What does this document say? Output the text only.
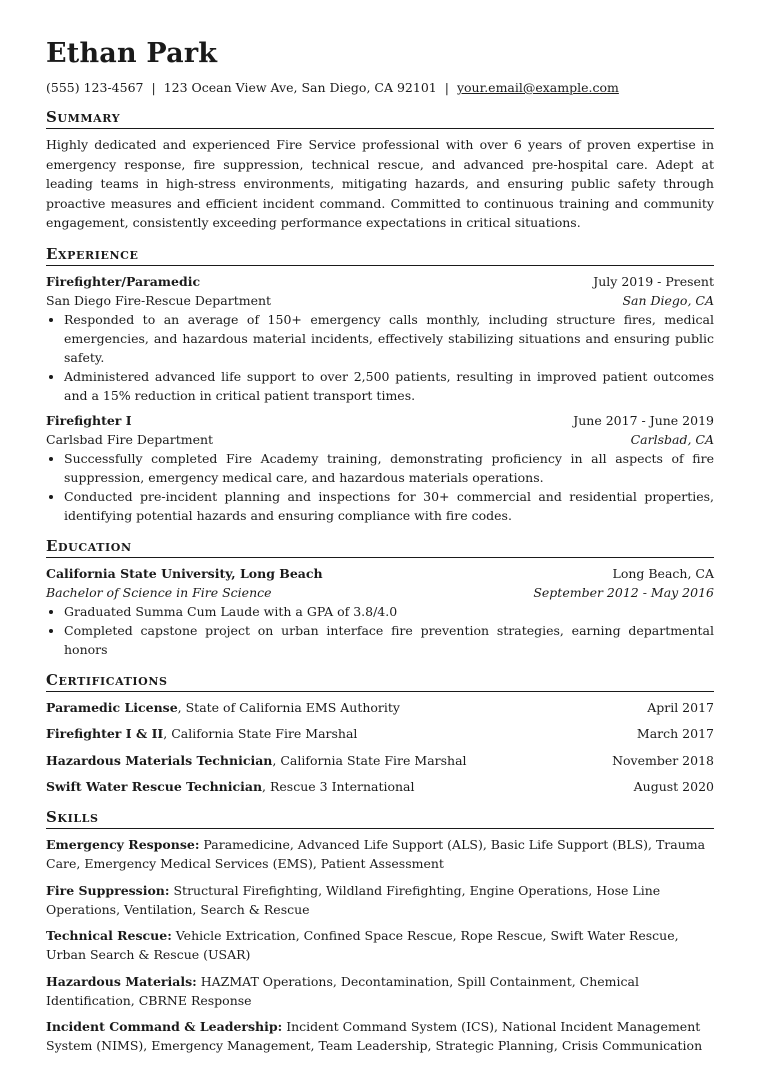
Ethan Park
(555) 123-4567 | 123 Ocean View Ave, San Diego, CA 92101 | your.email@example.com
Summary

Highly dedicated and experienced Fire Service professional with over 6 years of proven expertise in emergency response, fire suppression, technical rescue, and advanced pre-hospital care. Adept at leading teams in high-stress environments, mitigating hazards, and ensuring public safety through proactive measures and efficient incident command. Committed to continuous training and community engagement, consistently exceeding performance expectations in critical situations.

Experience
Firefighter/Paramedic	July 2019 - Present
San Diego Fire-Rescue Department	San Diego, CA
• Responded to an average of 150+ emergency calls monthly, including structure fires, medical emergencies, and hazardous material incidents, effectively stabilizing situations and ensuring public safety.
• Administered advanced life support to over 2,500 patients, resulting in improved patient outcomes and a 15% reduction in critical patient transport times.
Firefighter I	June 2017 - June 2019
Carlsbad Fire Department	Carlsbad, CA
• Successfully completed Fire Academy training, demonstrating proficiency in all aspects of fire suppression, emergency medical care, and hazardous materials operations.
• Conducted pre-incident planning and inspections for 30+ commercial and residential properties, identifying potential hazards and ensuring compliance with fire codes.
Education
California State University, Long Beach	Long Beach, CA
Bachelor of Science in Fire Science	September 2012 - May 2016
• Graduated Summa Cum Laude with a GPA of 3.8/4.0
• Completed capstone project on urban interface fire prevention strategies, earning departmental honors
Certifications
Paramedic License, State of California EMS Authority	April 2017
Firefighter I & II, California State Fire Marshal	March 2017
Hazardous Materials Technician, California State Fire Marshal	November 2018
Swift Water Rescue Technician, Rescue 3 International	August 2020
Skills
Emergency Response: Paramedicine, Advanced Life Support (ALS), Basic Life Support (BLS), Trauma Care, Emergency Medical Services (EMS), Patient Assessment
Fire Suppression: Structural Firefighting, Wildland Firefighting, Engine Operations, Hose Line Operations, Ventilation, Search & Rescue
Technical Rescue: Vehicle Extrication, Confined Space Rescue, Rope Rescue, Swift Water Rescue, Urban Search & Rescue (USAR)
Hazardous Materials: HAZMAT Operations, Decontamination, Spill Containment, Chemical Identification, CBRNE Response
Incident Command & Leadership: Incident Command System (ICS), National Incident Management System (NIMS), Emergency Management, Team Leadership, Strategic Planning, Crisis Communication
